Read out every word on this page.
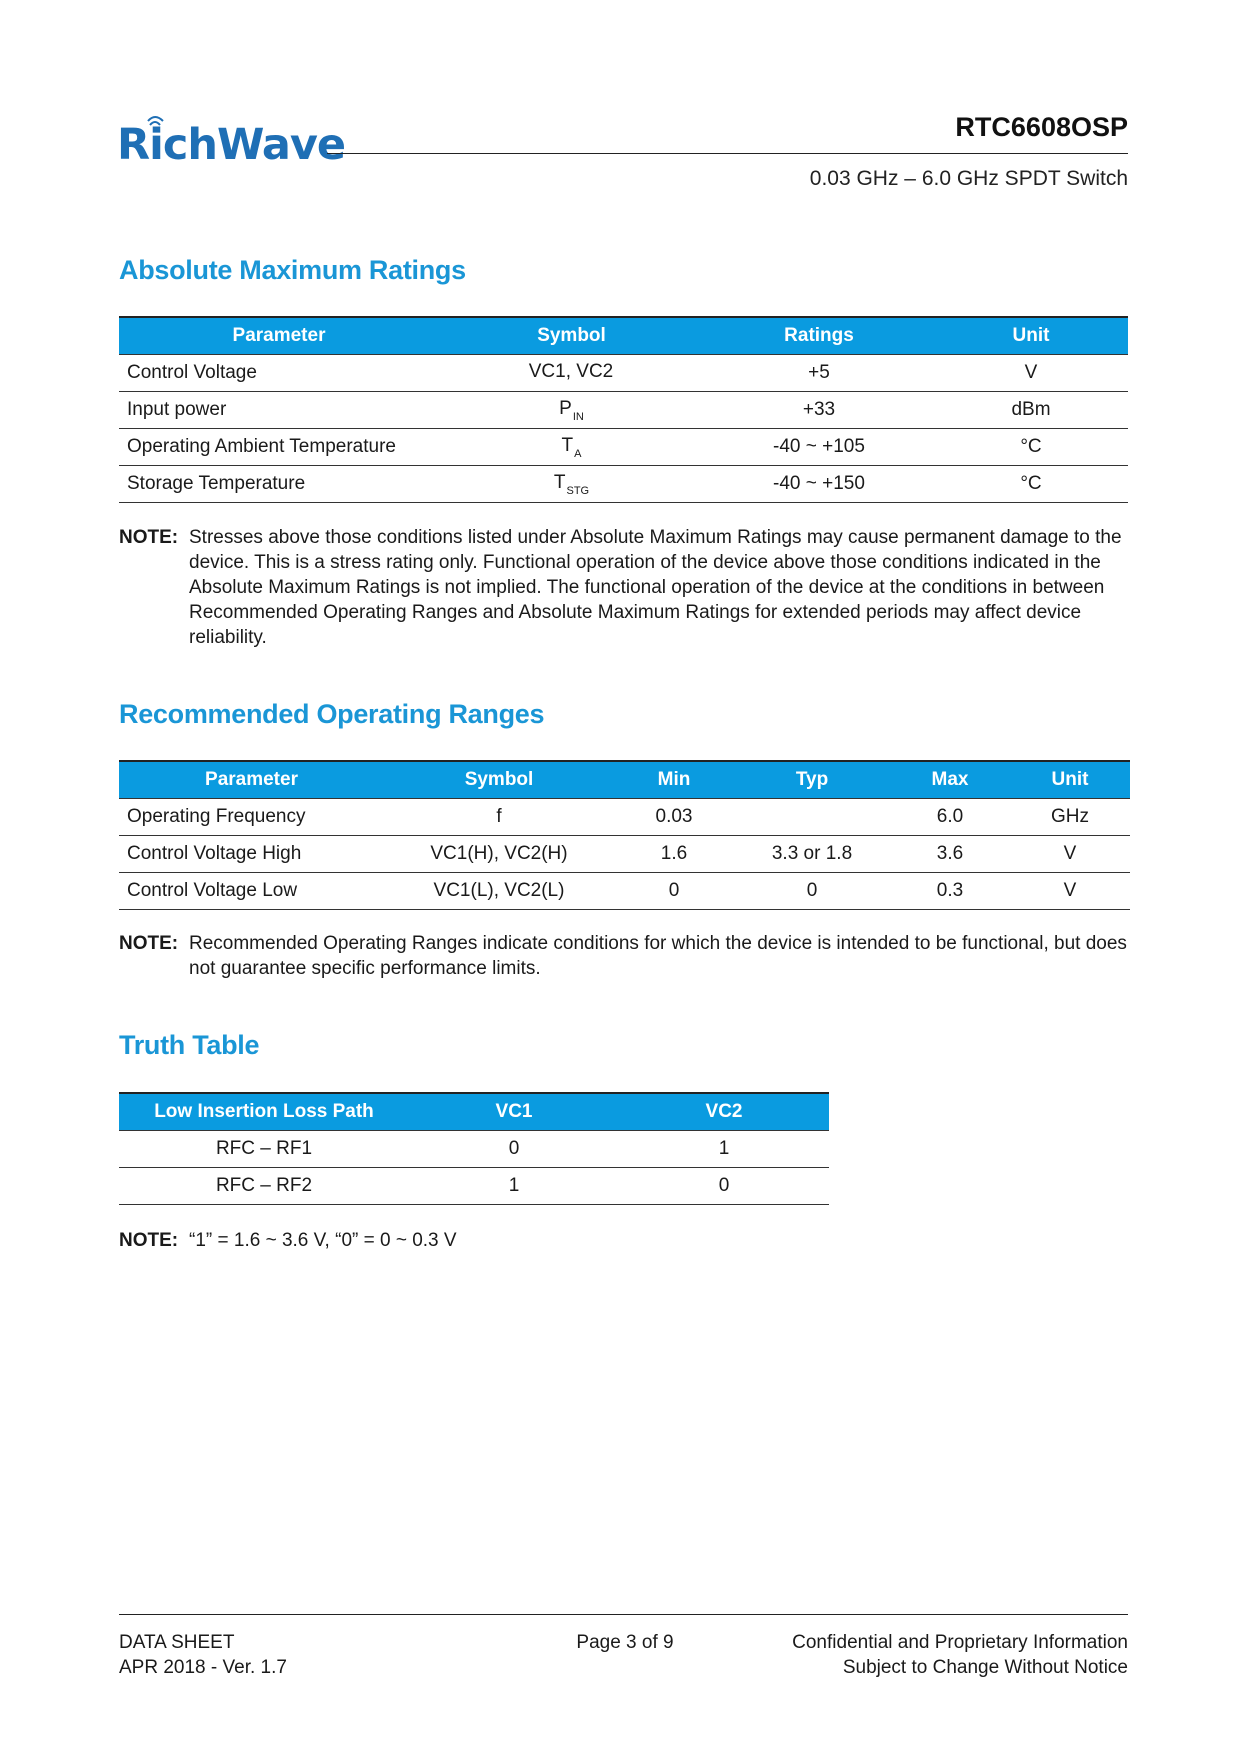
RichWave	RTC6608OSP
0.03 GHz – 6.0 GHz SPDT Switch
Absolute Maximum Ratings
Parameter	Symbol	Ratings	Unit
Control Voltage	VC1, VC2	+5	V
Input power	$P_{IN}$	+33	dBm
Operating Ambient Temperature	$T_A$	-40 ~ +105	°C
Storage Temperature	$T_{STG}$	-40 ~ +150	°C
NOTE: Stresses above those conditions listed under Absolute Maximum Ratings may cause permanent damage to the device. This is a stress rating only. Functional operation of the device above those conditions indicated in the Absolute Maximum Ratings is not implied. The functional operation of the device at the conditions in between Recommended Operating Ranges and Absolute Maximum Ratings for extended periods may affect device reliability.
Recommended Operating Ranges
Parameter	Symbol	Min	Typ	Max	Unit
Operating Frequency	f	0.03		6.0	GHz
Control Voltage High	VC1(H), VC2(H)	1.6	3.3 or 1.8	3.6	V
Control Voltage Low	VC1(L), VC2(L)	0	0	0.3	V
NOTE: Recommended Operating Ranges indicate conditions for which the device is intended to be functional, but does not guarantee specific performance limits.
Truth Table
Low Insertion Loss Path	VC1	VC2
RFC – RF1	0	1
RFC – RF2	1	0
NOTE: “1” = 1.6 ~ 3.6 V, “0” = 0 ~ 0.3 V
DATA SHEET
APR 2018 - Ver. 1.7
Page 3 of 9	Confidential and Proprietary Information
Subject to Change Without Notice
